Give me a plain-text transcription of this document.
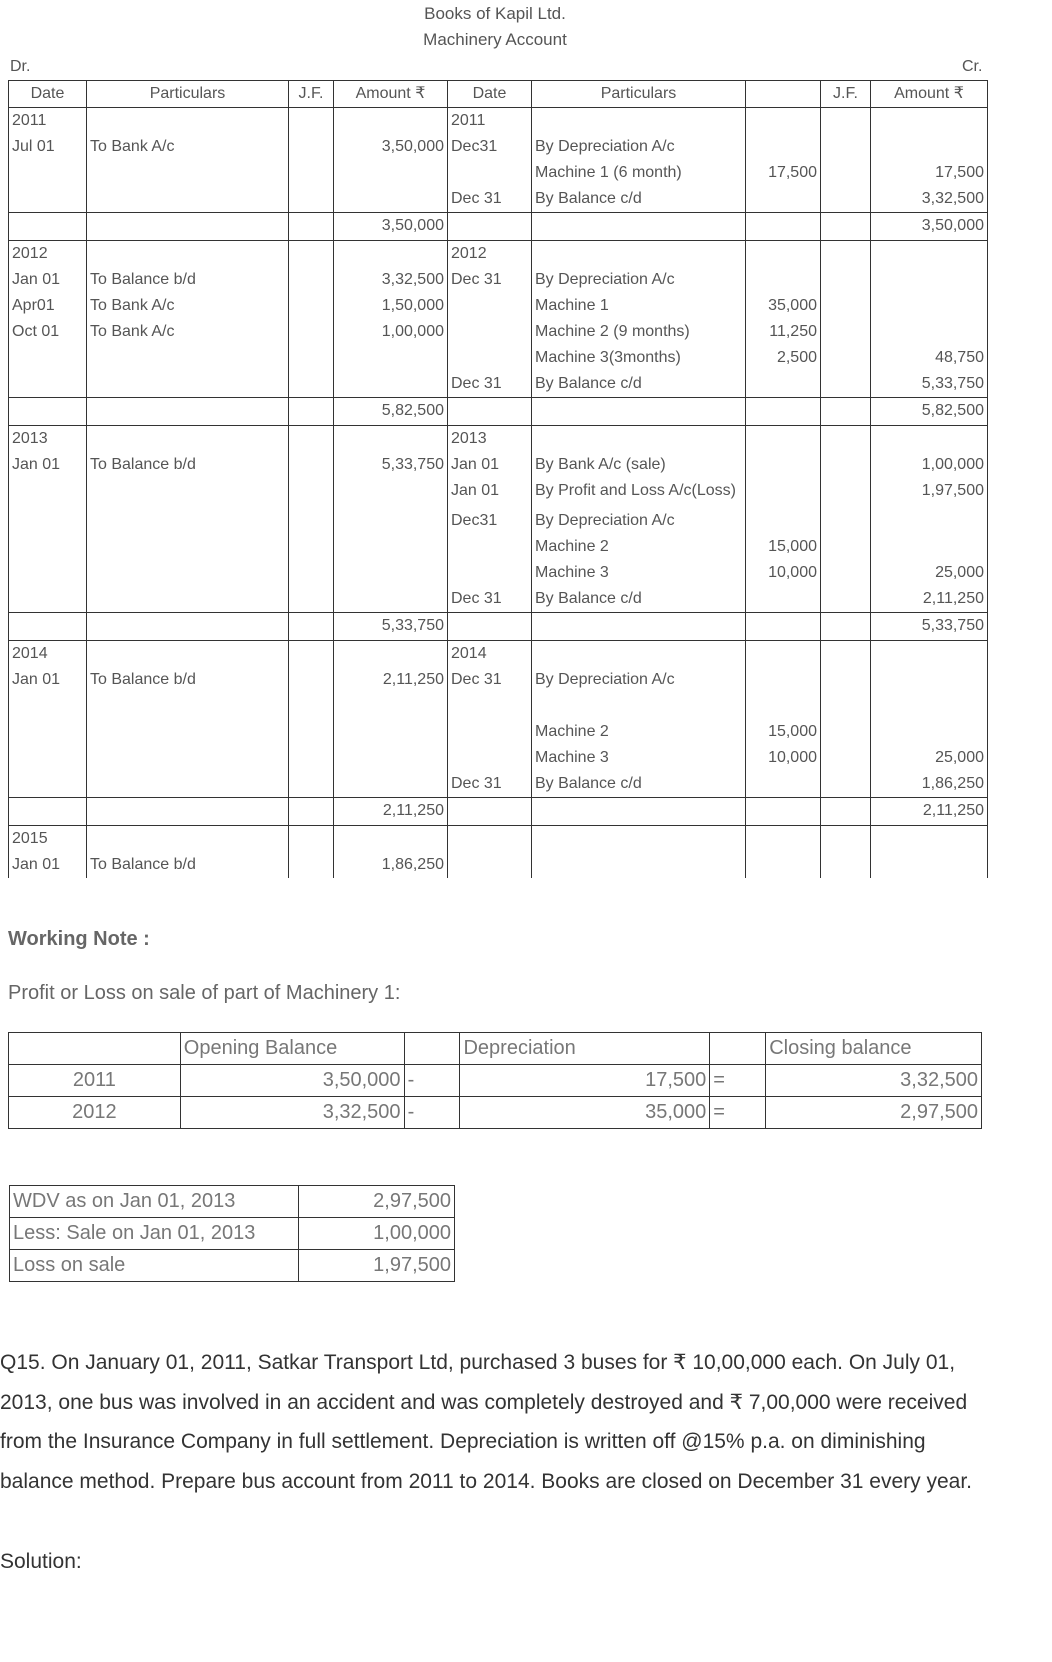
Books of Kapil Ltd.
Machinery Account
Dr.	Cr.
Date	Particulars	J.F.	Amount ₹	Date	Particulars		J.F.	Amount ₹
2011				2011				
Jul 01	To Bank A/c		3,50,000	Dec31	By Depreciation A/c			
					Machine 1 (6 month)	17,500		17,500
				Dec 31	By Balance c/d			3,32,500
			3,50,000					3,50,000
2012				2012				
Jan 01	To Balance b/d		3,32,500	Dec 31	By Depreciation A/c			
Apr01	To Bank A/c		1,50,000		Machine 1	35,000		
Oct 01	To Bank A/c		1,00,000		Machine 2 (9 months)	11,250		
					Machine 3(3months)	2,500		48,750
				Dec 31	By Balance c/d			5,33,750
			5,82,500					5,82,500
2013				2013				
Jan 01	To Balance b/d		5,33,750	Jan 01	By Bank A/c (sale)			1,00,000
				Jan 01	By Profit and Loss A/c(Loss)			1,97,500
				Dec31	By Depreciation A/c			
					Machine 2	15,000		
					Machine 3	10,000		25,000
				Dec 31	By Balance c/d			2,11,250
			5,33,750					5,33,750
2014				2014				
Jan 01	To Balance b/d		2,11,250	Dec 31	By Depreciation A/c			

					Machine 2	15,000		
					Machine 3	10,000		25,000
				Dec 31	By Balance c/d			1,86,250
			2,11,250					2,11,250
2015								
Jan 01	To Balance b/d		1,86,250					
Working Note :
Profit or Loss on sale of part of Machinery 1:
	Opening Balance		Depreciation		Closing balance
2011	3,50,000	-	17,500	=	3,32,500
2012	3,32,500	-	35,000	=	2,97,500
WDV as on Jan 01, 2013	2,97,500
Less: Sale on Jan 01, 2013	1,00,000
Loss on sale	1,97,500
Q15. On January 01, 2011, Satkar Transport Ltd, purchased 3 buses for ₹ 10,00,000 each. On July 01, 2013, one bus was involved in an accident and was completely destroyed and ₹ 7,00,000 were received from the Insurance Company in full settlement. Depreciation is written off @15% p.a. on diminishing balance method. Prepare bus account from 2011 to 2014. Books are closed on December 31 every year.
Solution:
